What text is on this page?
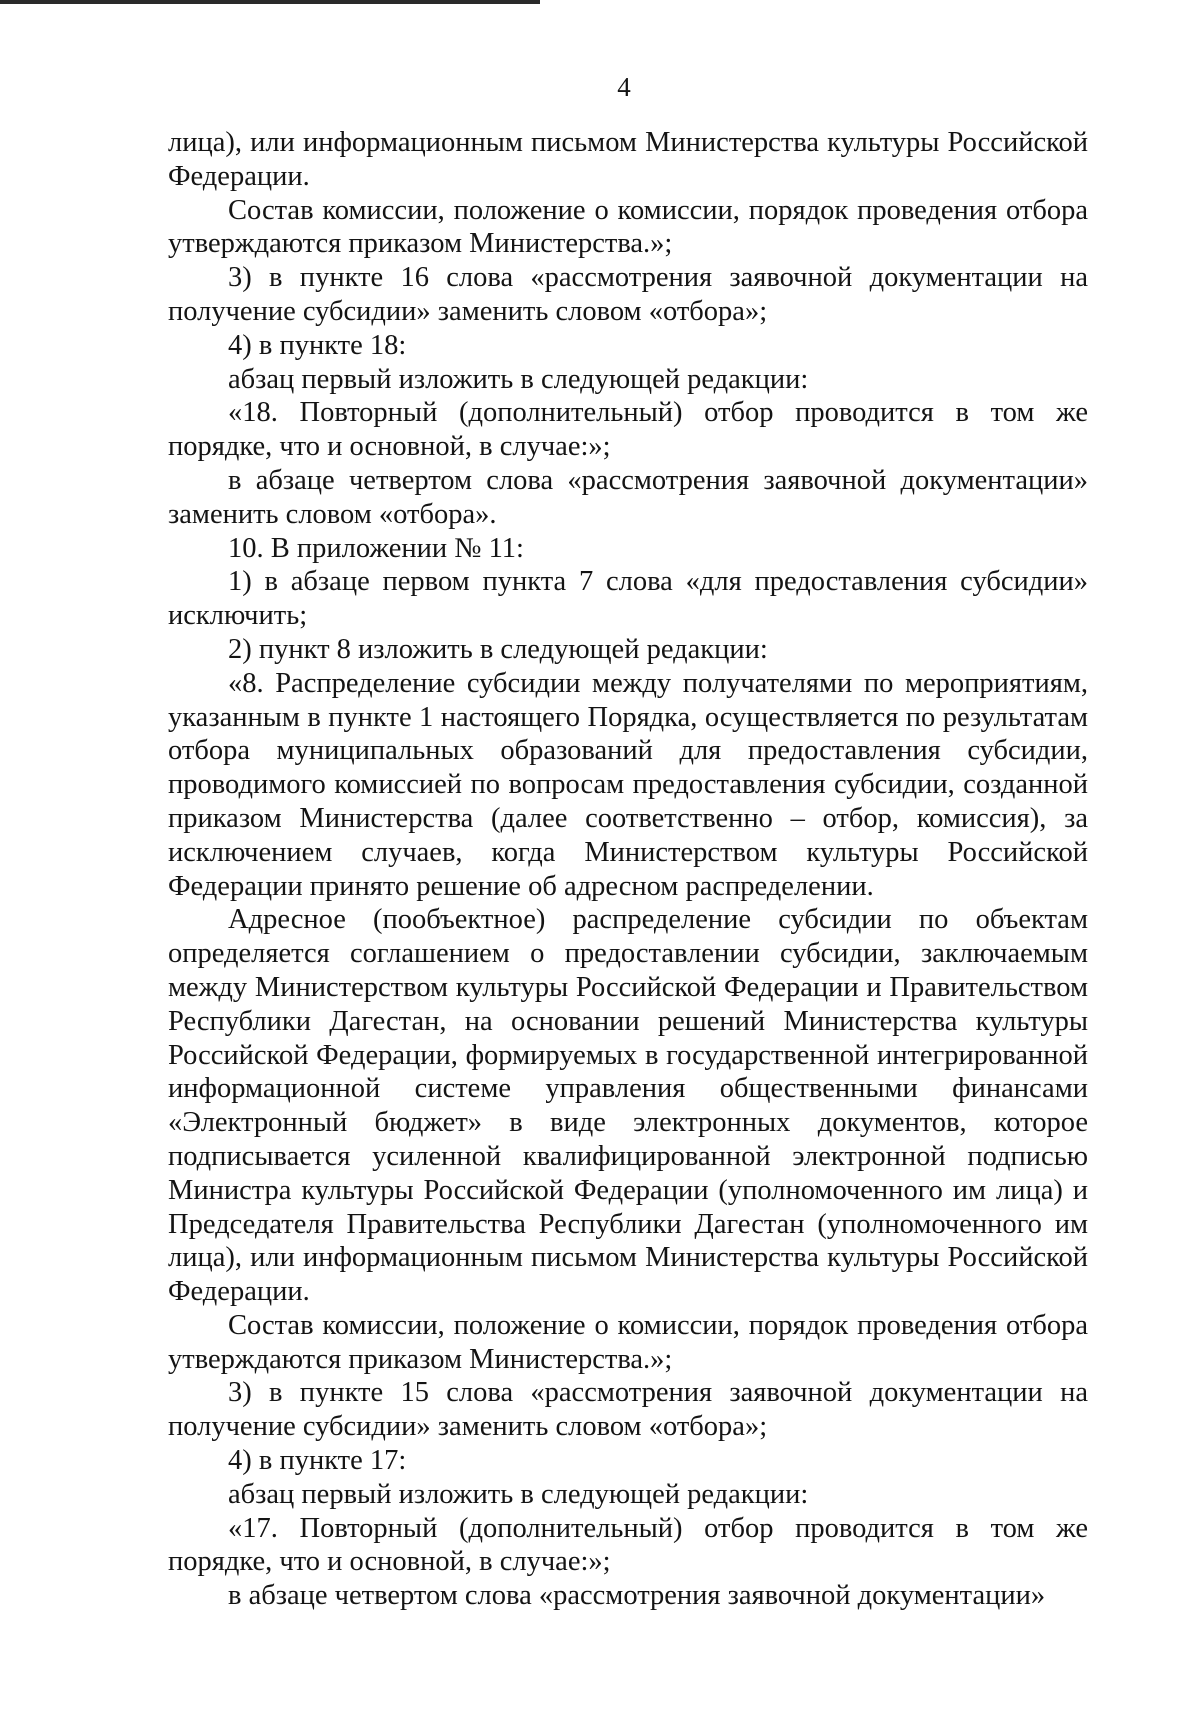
4

лица), или информационным письмом Министерства культуры Российской Федерации.

Состав комиссии, положение о комиссии, порядок проведения отбора утверждаются приказом Министерства.»;

3) в пункте 16 слова «рассмотрения заявочной документации на получение субсидии» заменить словом «отбора»;

4) в пункте 18:

абзац первый изложить в следующей редакции:

«18. Повторный (дополнительный) отбор проводится в том же порядке, что и основной, в случае:»;

в абзаце четвертом слова «рассмотрения заявочной документации» заменить словом «отбора».

10. В приложении № 11:

1) в абзаце первом пункта 7 слова «для предоставления субсидии» исключить;

2) пункт 8 изложить в следующей редакции:

«8. Распределение субсидии между получателями по мероприятиям, указанным в пункте 1 настоящего Порядка, осуществляется по результатам отбора муниципальных образований для предоставления субсидии, проводимого комиссией по вопросам предоставления субсидии, созданной приказом Министерства (далее соответственно – отбор, комиссия), за исключением случаев, когда Министерством культуры Российской Федерации принято решение об адресном распределении.

Адресное (пообъектное) распределение субсидии по объектам определяется соглашением о предоставлении субсидии, заключаемым между Министерством культуры Российской Федерации и Правительством Республики Дагестан, на основании решений Министерства культуры Российской Федерации, формируемых в государственной интегрированной информационной системе управления общественными финансами «Электронный бюджет» в виде электронных документов, которое подписывается усиленной квалифицированной электронной подписью Министра культуры Российской Федерации (уполномоченного им лица) и Председателя Правительства Республики Дагестан (уполномоченного им лица), или информационным письмом Министерства культуры Российской Федерации.

Состав комиссии, положение о комиссии, порядок проведения отбора утверждаются приказом Министерства.»;

3) в пункте 15 слова «рассмотрения заявочной документации на получение субсидии» заменить словом «отбора»;

4) в пункте 17:

абзац первый изложить в следующей редакции:

«17. Повторный (дополнительный) отбор проводится в том же порядке, что и основной, в случае:»;

в абзаце четвертом слова «рассмотрения заявочной документации»
